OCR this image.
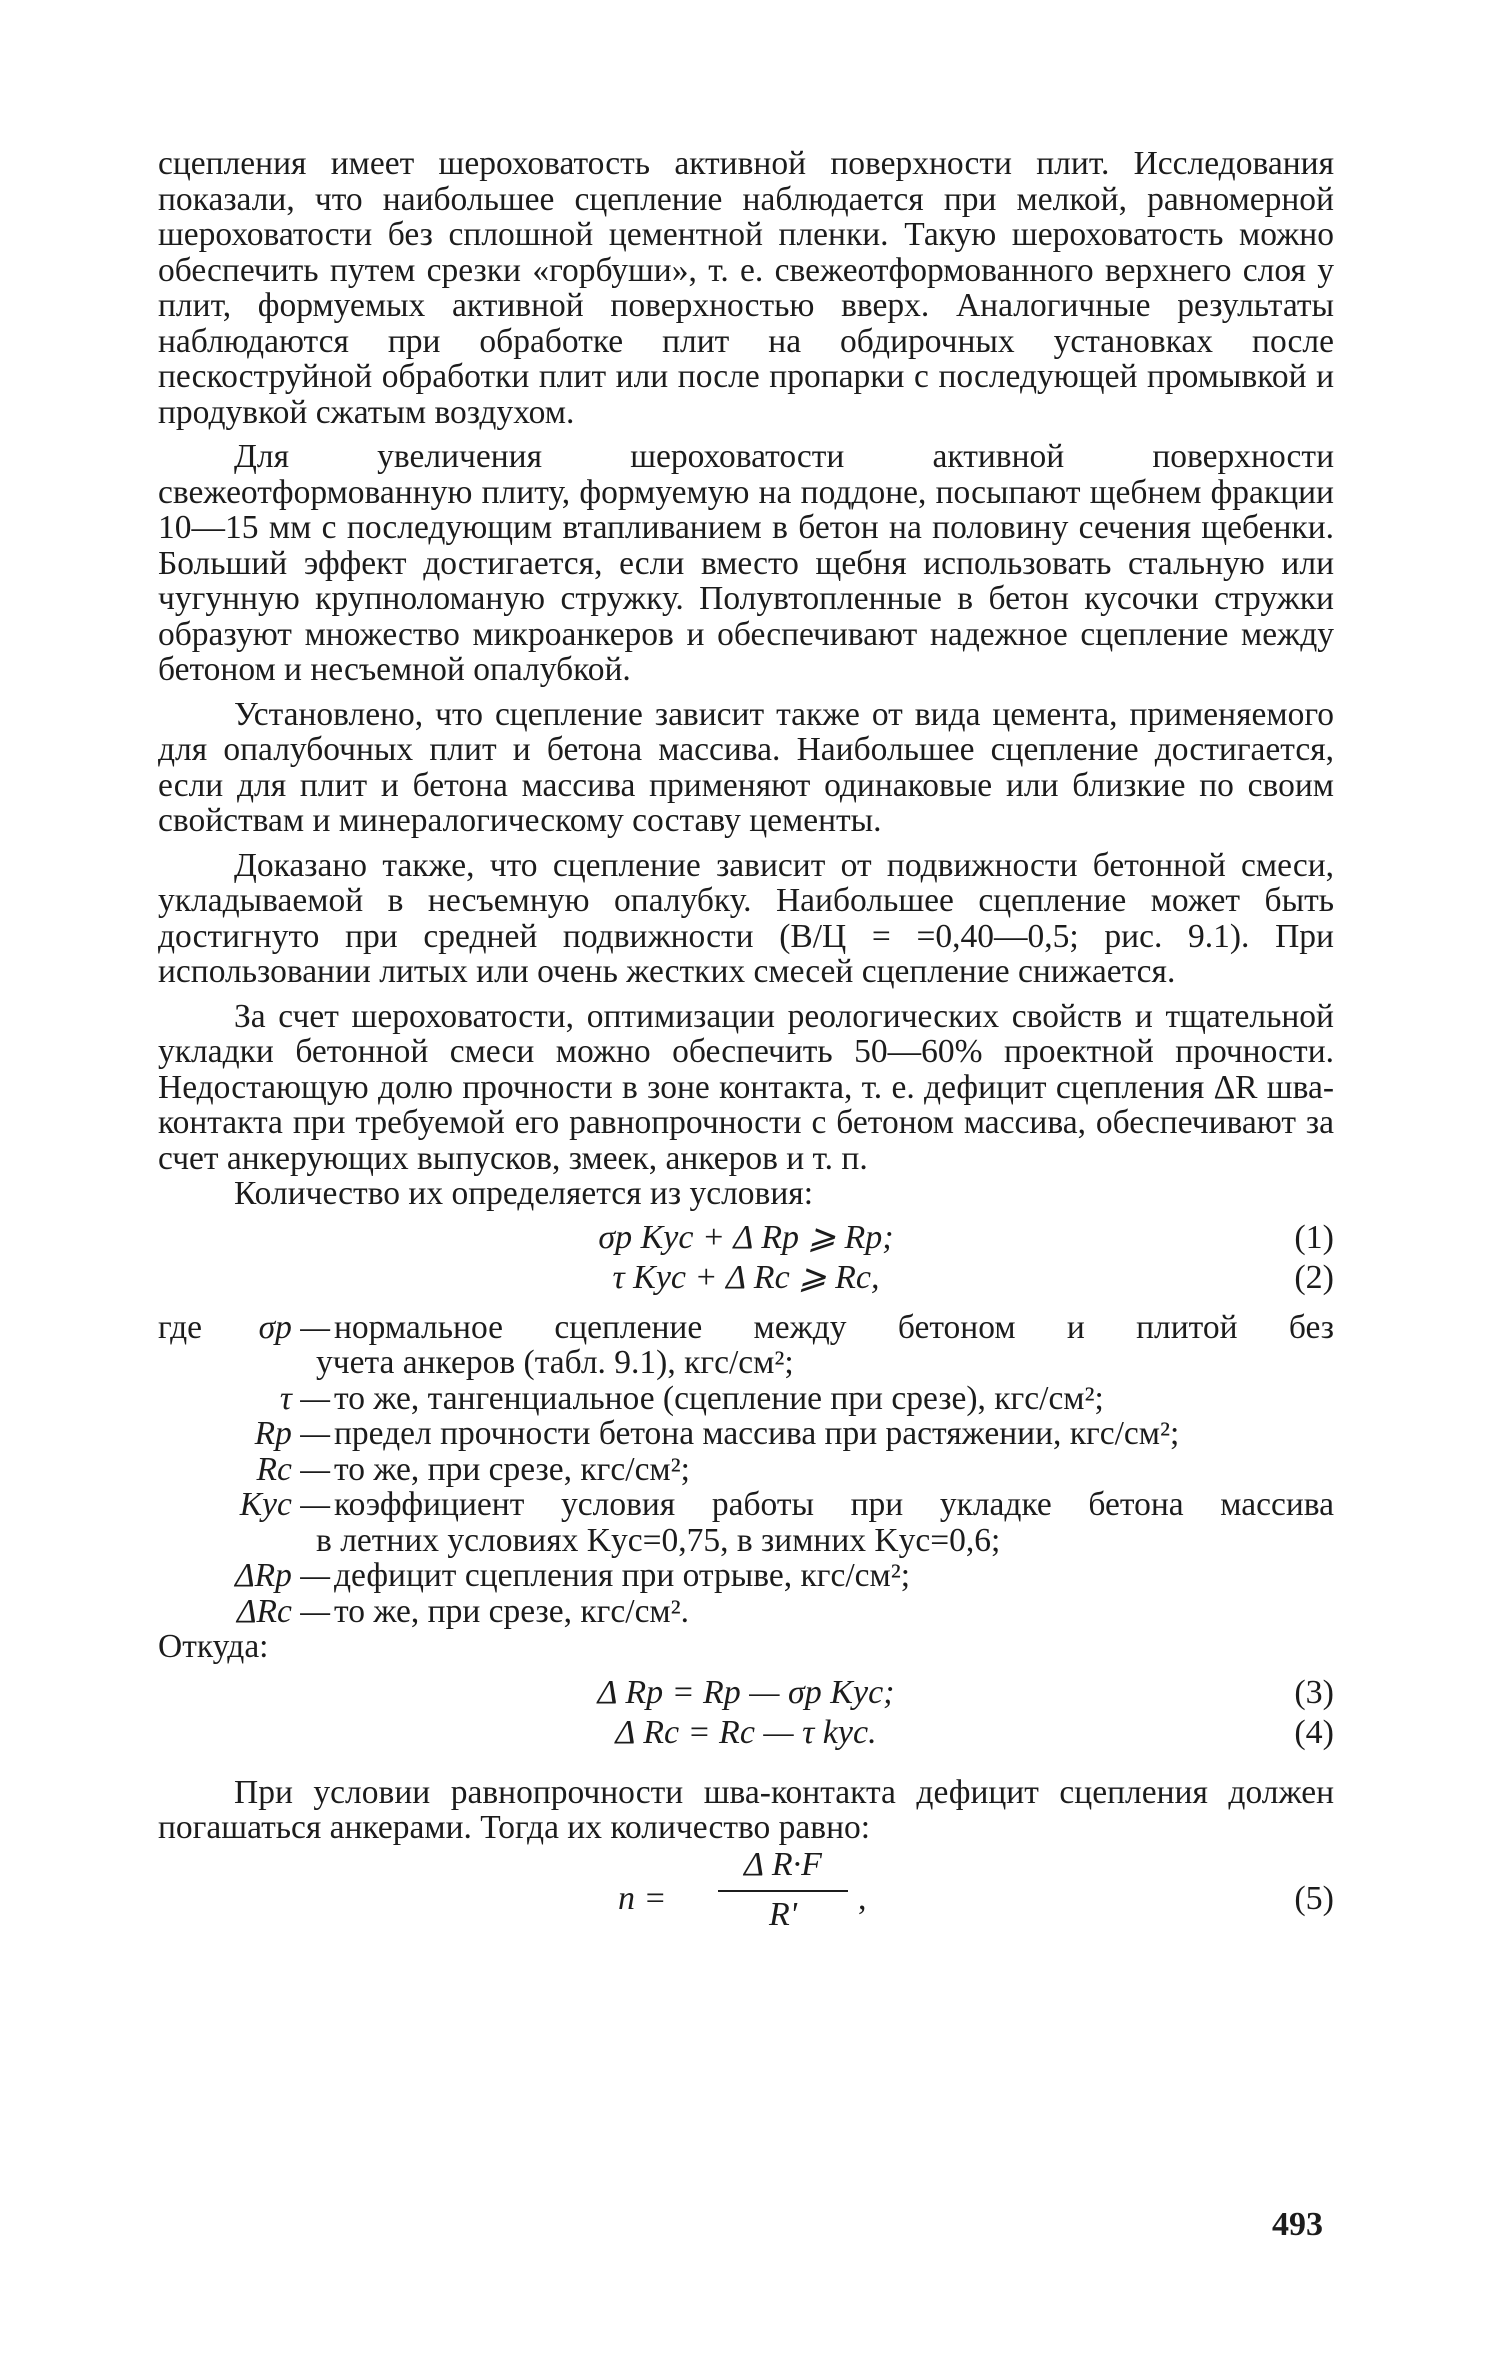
сцепления имеет шероховатость активной поверхности плит. Исследования показали, что наибольшее сцепление наблюдается при мелкой, равномерной шероховатости без сплошной цементной пленки. Такую шероховатость можно обеспечить путем срезки «горбуши», т. е. свежеотформованного верхнего слоя у плит, формуемых активной поверхностью вверх. Аналогичные результаты наблюдаются при обработке плит на обдирочных установках после пескоструйной обработки плит или после пропарки с последующей промывкой и продувкой сжатым воздухом.

Для увеличения шероховатости активной поверхности свежеотформованную плиту, формуемую на поддоне, посыпают щебнем фракции 10—15 мм с последующим втапливанием в бетон на половину сечения щебенки. Больший эффект достигается, если вместо щебня использовать стальную или чугунную крупноломаную стружку. Полувтопленные в бетон кусочки стружки образуют множество микроанкеров и обеспечивают надежное сцепление между бетоном и несъемной опалубкой.

Установлено, что сцепление зависит также от вида цемента, применяемого для опалубочных плит и бетона массива. Наибольшее сцепление достигается, если для плит и бетона массива применяют одинаковые или близкие по своим свойствам и минералогическому составу цементы.

Доказано также, что сцепление зависит от подвижности бетонной смеси, укладываемой в несъемную опалубку. Наибольшее сцепление может быть достигнуто при средней подвижности (В/Ц = =0,40—0,5; рис. 9.1). При использовании литых или очень жестких смесей сцепление снижается.

За счет шероховатости, оптимизации реологических свойств и тщательной укладки бетонной смеси можно обеспечить 50—60% проектной прочности. Недостающую долю прочности в зоне контакта, т. е. дефицит сцепления ΔR шва-контакта при требуемой его равнопрочности с бетоном массива, обеспечивают за счет анкерующих выпусков, змеек, анкеров и т. п.

Количество их определяется из условия:

σр Kус + Δ Rр ⩾ Rр;	(1)
τ Kус + Δ Rс ⩾ Rс,	(2)
где σр — нормальное сцепление между бетоном и плитой без
учета анкеров (табл. 9.1), кгс/см²;
τ — то же, тангенциальное (сцепление при срезе), кгс/см²;
Rр — предел прочности бетона массива при растяжении, кгс/см²;
Rс — то же, при срезе, кгс/см²;
Kус — коэффициент условия работы при укладке бетона массива
в летних условиях Kус=0,75, в зимних Kус=0,6;
ΔRр — дефицит сцепления при отрыве, кгс/см²;
ΔRс — то же, при срезе, кгс/см².

Откуда:

Δ Rр = Rр — σр Kус;	(3)
Δ Rс = Rс — τ kус.	(4)

При условии равнопрочности шва-контакта дефицит сцепления должен погашаться анкерами. Тогда их количество равно:

n =
Δ R·F
R'	,	(5)
493
